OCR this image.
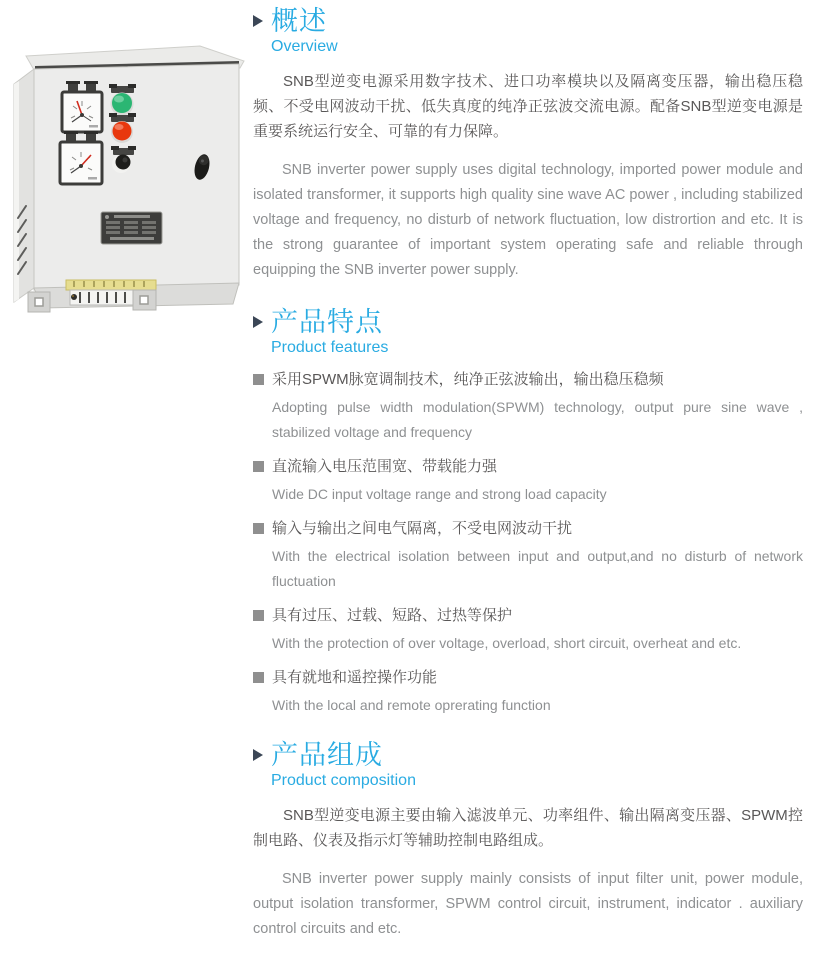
概述
Overview

SNB型逆变电源采用数字技术、进口功率模块以及隔离变压器，输出稳压稳频、不受电网波动干扰、低失真度的纯净正弦波交流电源。配备SNB型逆变电源是重要系统运行安全、可靠的有力保障。

SNB inverter power supply uses digital technology, imported power module and isolated transformer, it supports high quality sine wave AC power , including stabilized voltage and frequency, no disturb of network fluctuation, low distrortion and etc. It is the strong guarantee of important system operating safe and reliable through equipping the SNB inverter power supply.

产品特点
Product features
采用SPWM脉宽调制技术，纯净正弦波输出，输出稳压稳频

Adopting pulse width modulation(SPWM) technology, output pure sine wave , stabilized voltage and frequency

直流输入电压范围宽、带载能力强

Wide DC input voltage range and strong load capacity

输入与输出之间电气隔离，不受电网波动干扰

With the electrical isolation between input and output,and no disturb of network fluctuation

具有过压、过载、短路、过热等保护

With the protection of over voltage, overload, short circuit, overheat and etc.

具有就地和遥控操作功能

With the local and remote oprerating function

产品组成
Product composition

SNB型逆变电源主要由输入滤波单元、功率组件、输出隔离变压器、SPWM控制电路、仪表及指示灯等辅助控制电路组成。

SNB inverter power supply mainly consists of input filter unit, power module, output isolation transformer, SPWM control circuit, instrument, indicator . auxiliary control circuits and etc.
